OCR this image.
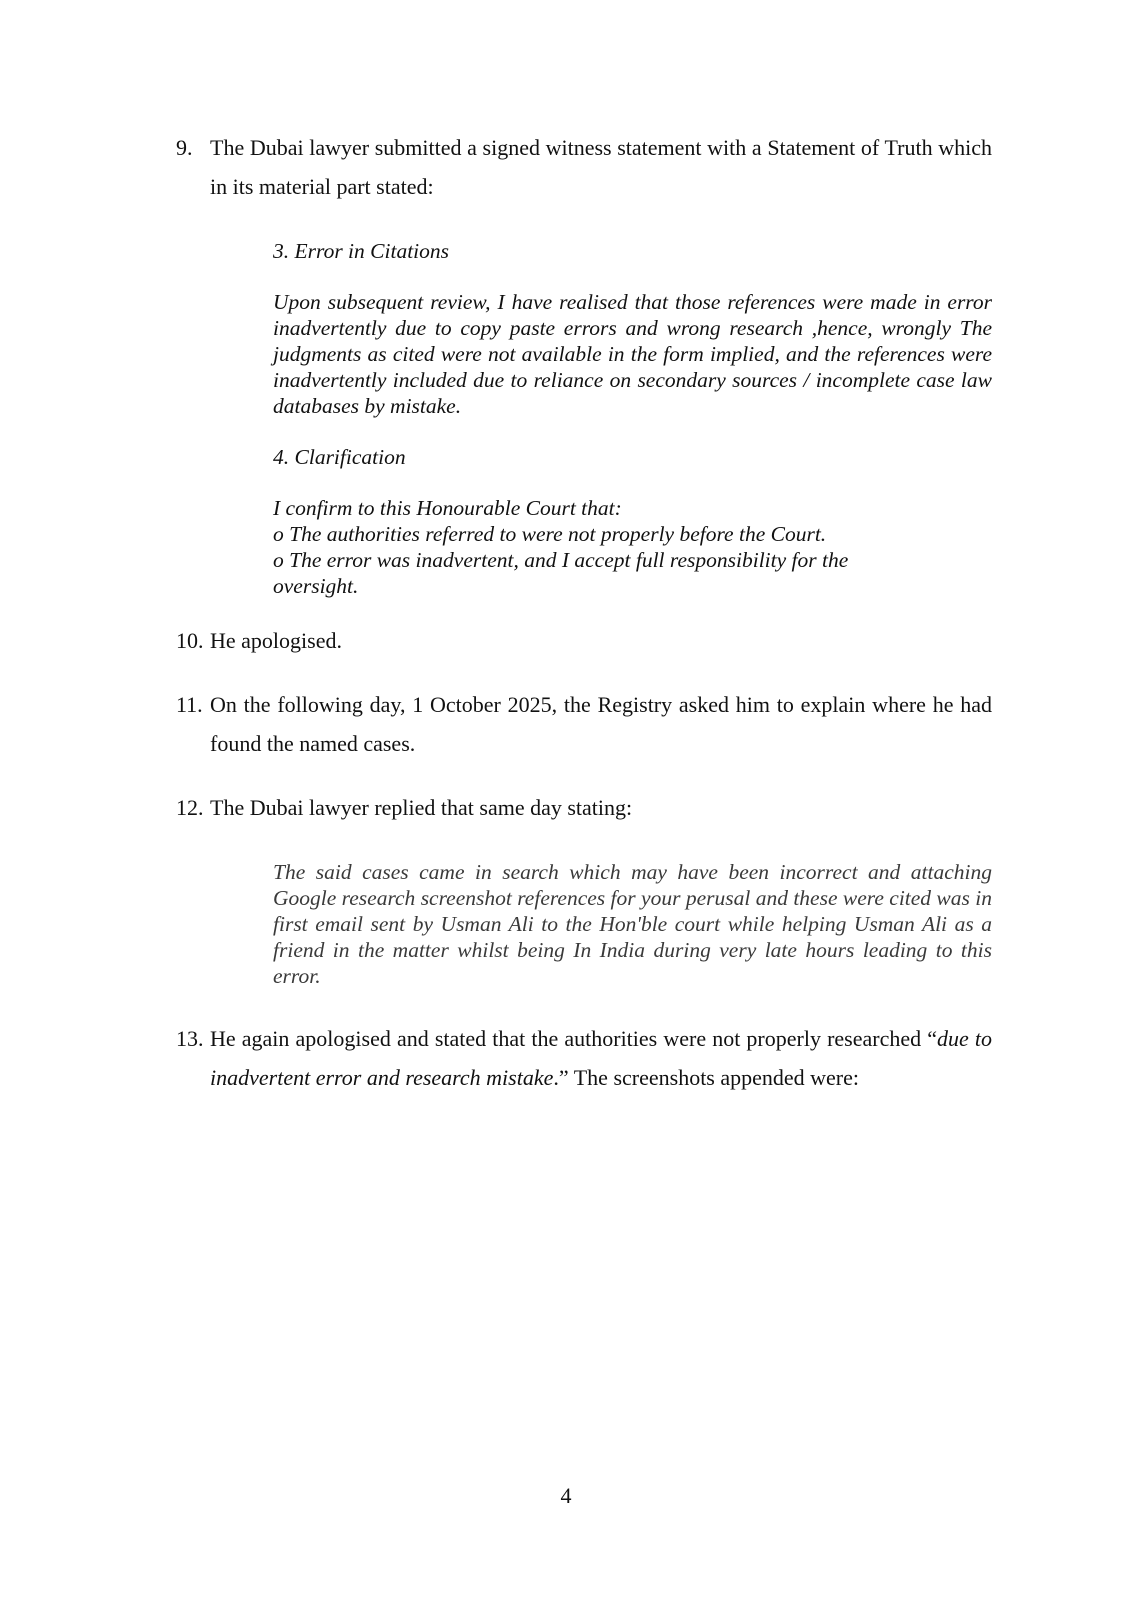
9. The Dubai lawyer submitted a signed witness statement with a Statement of Truth which in its material part stated:

3. Error in Citations

Upon subsequent review, I have realised that those references were made in error inadvertently due to copy paste errors and wrong research ,hence, wrongly The judgments as cited were not available in the form implied, and the references were inadvertently included due to reliance on secondary sources / incomplete case law databases by mistake.

4. Clarification

I confirm to this Honourable Court that:
o The authorities referred to were not properly before the Court.
o The error was inadvertent, and I accept full responsibility for the
oversight.
10. He apologised.

11. On the following day, 1 October 2025, the Registry asked him to explain where he had found the named cases.

12. The Dubai lawyer replied that same day stating:

The said cases came in search which may have been incorrect and attaching Google research screenshot references for your perusal and these were cited was in first email sent by Usman Ali to the Hon'ble court while helping Usman Ali as a friend in the matter whilst being In India during very late hours leading to this error.

13. He again apologised and stated that the authorities were not properly researched “due to inadvertent error and research mistake.” The screenshots appended were:

4
